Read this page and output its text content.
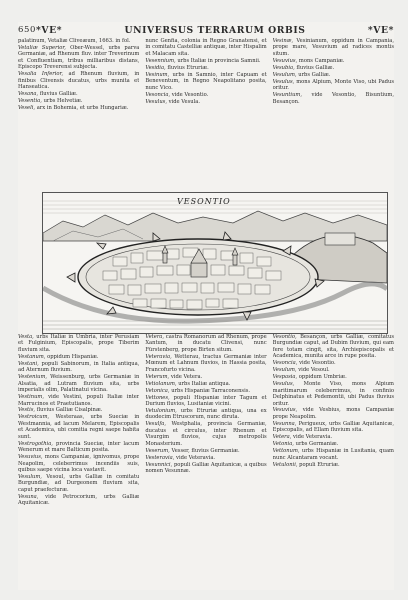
650 *VE*	UNIVERSUS TERRARUM ORBIS	*VE*

palatinum, Vetaliæ Cliveæum, 1663. in fol.

Vetaliæ Superior, Ober-Wessel, urbs parva Germaniæ, ad Rhenum fluv. inter Treverinum et Confluentiam, tribus milliaribus distans, Episcopo Treverensi subjecta.

Vesalia Inferior, ad Rhenum fluvium, in finibus Clivensis ducatus, urbs munita et Hanseatica.

Vesana, fluvius Galliæ.

Vesentia, urbs Helvetiæ.

Veseli, arx in Bohemia, et urbs Hungariæ.

nunc Genfia, colonia in Regno Granatensi, et in comitatu Castelliæ antiquæ, inter Hispalim et Malacam sita.

Vesennium, urbs Italiæ in provincia Samnii.

Vesidia, fluvius Etruriæ.

Vesinum, urbs in Samnio, inter Capuam et Beneventum, in Regno Neapolitano posita, nunc Vico.

Vesoncia, vide Vesontio.

Vesulus, vide Vesula.

Vesinæ, Vesinianum, oppidum in Campania, prope mare, Vesuvium ad radices montis situm.

Vesuvius, mons Campaniæ.

Vesubia, fluvius Galliæ.

Vesulum, urbs Galliæ.

Vesulus, mons Alpium, Monte Viso, ubi Padus oritur.

Vesuntium, vide Vesontio, Bisuntium, Besançon.

VESONTIO

Vesta, urbs Italiæ in Umbria, inter Perusiam et Fulginium, Episcopalis, prope Tiberim fluvium sita.

Vestanum, oppidum Hispaniæ.

Vestani, populi Sabinorum, in Italia antiqua, ad Aternum fluvium.

Vestenium, Weissenburg, urbs Germaniæ in Alsatia, ad Lutram fluvium sita, urbs imperialis olim, Palatinatui vicina.

Vestinum, vide Vestini, populi Italiæ inter Marrucinos et Praetutianos.

Vestis, fluvius Galliæ Cisalpinæ.

Vestroicum, Westeraas, urbs Sueciæ in Westmannia, ad lacum Melarem, Episcopalis et Academica, ubi comitia regni saepe habita sunt.

Vestrogothia, provincia Sueciæ, inter lacum Wenerum et mare Balticum posita.

Vesuvius, mons Campaniæ, ignivomus, prope Neapolim, celeberrimus incendiis suis, quibus saepe vicina loca vastavit.

Vesulum, Vesoul, urbs Galliæ in comitatu Burgundiæ, ad Durgeonem fluvium sita, caput praefecturæ.

Vesuna, vide Petrocorium, urbs Galliæ Aquitanicæ.

Vetera, castra Romanorum ad Rhenum, prope Xantum, in ducatu Clivensi, nunc Fürstenberg, prope Birten situm.

Veteravia, Wetterau, tractus Germaniæ inter Mœnum et Lahnum fluvios, in Hassia posita, Francofurto vicina.

Veterum, vide Vetera.

Vetiolanum, urbs Italiæ antiqua.

Vetonica, urbs Hispaniæ Tarraconensis.

Vettones, populi Hispaniæ inter Tagum et Durium fluvios, Lusitaniæ vicini.

Vetulonium, urbs Etruriæ antiqua, una ex duodecim Etruscorum, nunc diruta.

Vesulfa, Westphalia, provincia Germaniæ, ducatus et circulus, inter Rhenum et Visurgim fluvios, cujus metropolis Monasterium.

Veserum, Vesser, fluvius Germaniæ.

Vesteravia, vide Veteravia.

Vesunnici, populi Galliæ Aquitanicæ, a quibus nomen Vesunnæ.

Vesontio, Besançon, urbs Galliæ, comitatus Burgundiæ caput, ad Dubim fluvium, qui eam fere totam cingit, sita, Archiepiscopalis et Academica, munita arce in rupe posita.

Vesoncia, vide Vesontio.

Vesulum, vide Vesoul.

Vespasia, oppidum Umbriæ.

Vesulus, Monte Viso, mons Alpium maritimarum celeberrimus, in confinio Delphinatus et Pedemontii, ubi Padus fluvius oritur.

Vesuvius, vide Vesbius, mons Campaniæ prope Neapolim.

Vesunna, Perigueux, urbs Galliæ Aquitanicæ, Episcopalis, ad Ellam fluvium sita.

Vetera, vide Veteravia.

Vetonia, urbs Germaniæ.

Vettonum, urbs Hispaniæ in Lusitania, quam nunc Alcantaram vocant.

Vetulonii, populi Etruriæ.
